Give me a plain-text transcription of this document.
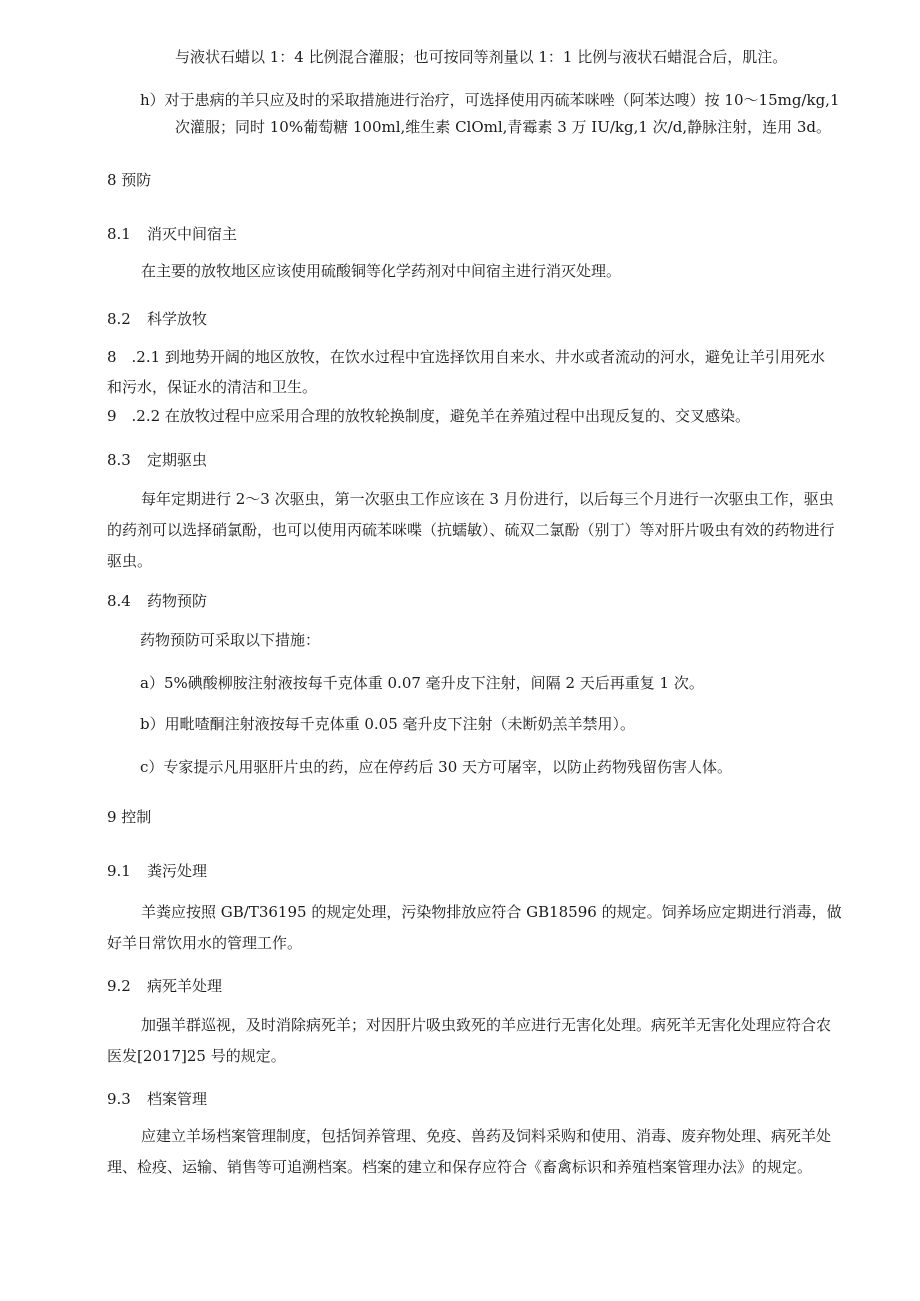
与液状石蜡以 1：4 比例混合灌服；也可按同等剂量以 1：1 比例与液状石蜡混合后，肌注。
h）对于患病的羊只应及时的采取措施进行治疗，可选择使用丙硫苯咪唑（阿苯达嗖）按 10～15mg∕kg,1
次灌服；同时 10%葡萄糖 100ml,维生素 ClOml,青霉素 3 万 IU∕kg,1 次∕d,静脉注射，连用 3d。
8 预防
8.1 消灭中间宿主
在主要的放牧地区应该使用硫酸铜等化学药剂对中间宿主进行消灭处理。
8.2 科学放牧
8　.2.1 到地势开阔的地区放牧，在饮水过程中宜选择饮用自来水、井水或者流动的河水，避免让羊引用死水
和污水，保证水的清洁和卫生。
9　.2.2 在放牧过程中应采用合理的放牧轮换制度，避免羊在养殖过程中出现反复的、交叉感染。
8.3 定期驱虫
每年定期进行 2～3 次驱虫，第一次驱虫工作应该在 3 月份进行，以后每三个月进行一次驱虫工作，驱虫的药剂可以选择硝氯酚，也可以使用丙硫苯咪喋（抗蠕敏）、硫双二氯酚（别丁）等对肝片吸虫有效的药物进行驱虫。
8.4 药物预防
药物预防可采取以下措施：
a）5%碘酸柳胺注射液按每千克体重 0.07 毫升皮下注射，间隔 2 天后再重复 1 次。
b）用毗喳酮注射液按每千克体重 0.05 毫升皮下注射（未断奶羔羊禁用）。
c）专家提示凡用驱肝片虫的药，应在停药后 30 天方可屠宰，以防止药物残留伤害人体。
9 控制
9.1 粪污处理
羊粪应按照 GB/T36195 的规定处理，污染物排放应符合 GB18596 的规定。饲养场应定期进行消毒，做好羊日常饮用水的管理工作。
9.2 病死羊处理
加强羊群巡视，及时消除病死羊；对因肝片吸虫致死的羊应进行无害化处理。病死羊无害化处理应符合农医发[2017]25 号的规定。
9.3 档案管理
应建立羊场档案管理制度，包括饲养管理、免疫、兽药及饲料采购和使用、消毒、废弃物处理、病死羊处理、检疫、运输、销售等可追溯档案。档案的建立和保存应符合《畜禽标识和养殖档案管理办法》的规定。
